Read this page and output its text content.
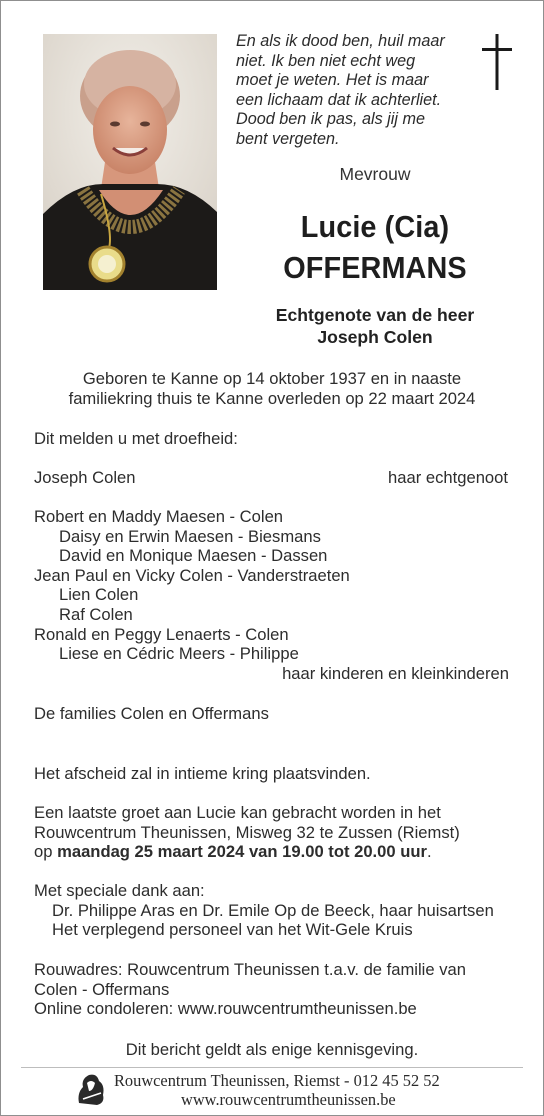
En als ik dood ben, huil maar
niet. Ik ben niet echt weg
moet je weten. Het is maar
een lichaam dat ik achterliet.
Dood ben ik pas, als jij me
bent vergeten.
Mevrouw
Lucie (Cia)
OFFERMANS
Echtgenote van de heer
Joseph Colen
Geboren te Kanne op 14 oktober 1937 en in naaste
familiekring thuis te Kanne overleden op 22 maart 2024
Dit melden u met droefheid:
Joseph Colen	haar echtgenoot
Robert en Maddy Maesen - Colen
Daisy en Erwin Maesen - Biesmans
David en Monique Maesen - Dassen
Jean Paul en Vicky Colen - Vanderstraeten
Lien Colen
Raf Colen
Ronald en Peggy Lenaerts - Colen
Liese en Cédric Meers - Philippe
haar kinderen en kleinkinderen
De families Colen en Offermans
Het afscheid zal in intieme kring plaatsvinden.
Een laatste groet aan Lucie kan gebracht worden in het
Rouwcentrum Theunissen, Misweg 32 te Zussen (Riemst)
op maandag 25 maart 2024 van 19.00 tot 20.00 uur.
Met speciale dank aan:
Dr. Philippe Aras en Dr. Emile Op de Beeck, haar huisartsen
Het verplegend personeel van het Wit-Gele Kruis
Rouwadres: Rouwcentrum Theunissen t.a.v. de familie van
Colen - Offermans
Online condoleren: www.rouwcentrumtheunissen.be
Dit bericht geldt als enige kennisgeving.
Rouwcentrum Theunissen, Riemst - 012 45 52 52
www.rouwcentrumtheunissen.be
